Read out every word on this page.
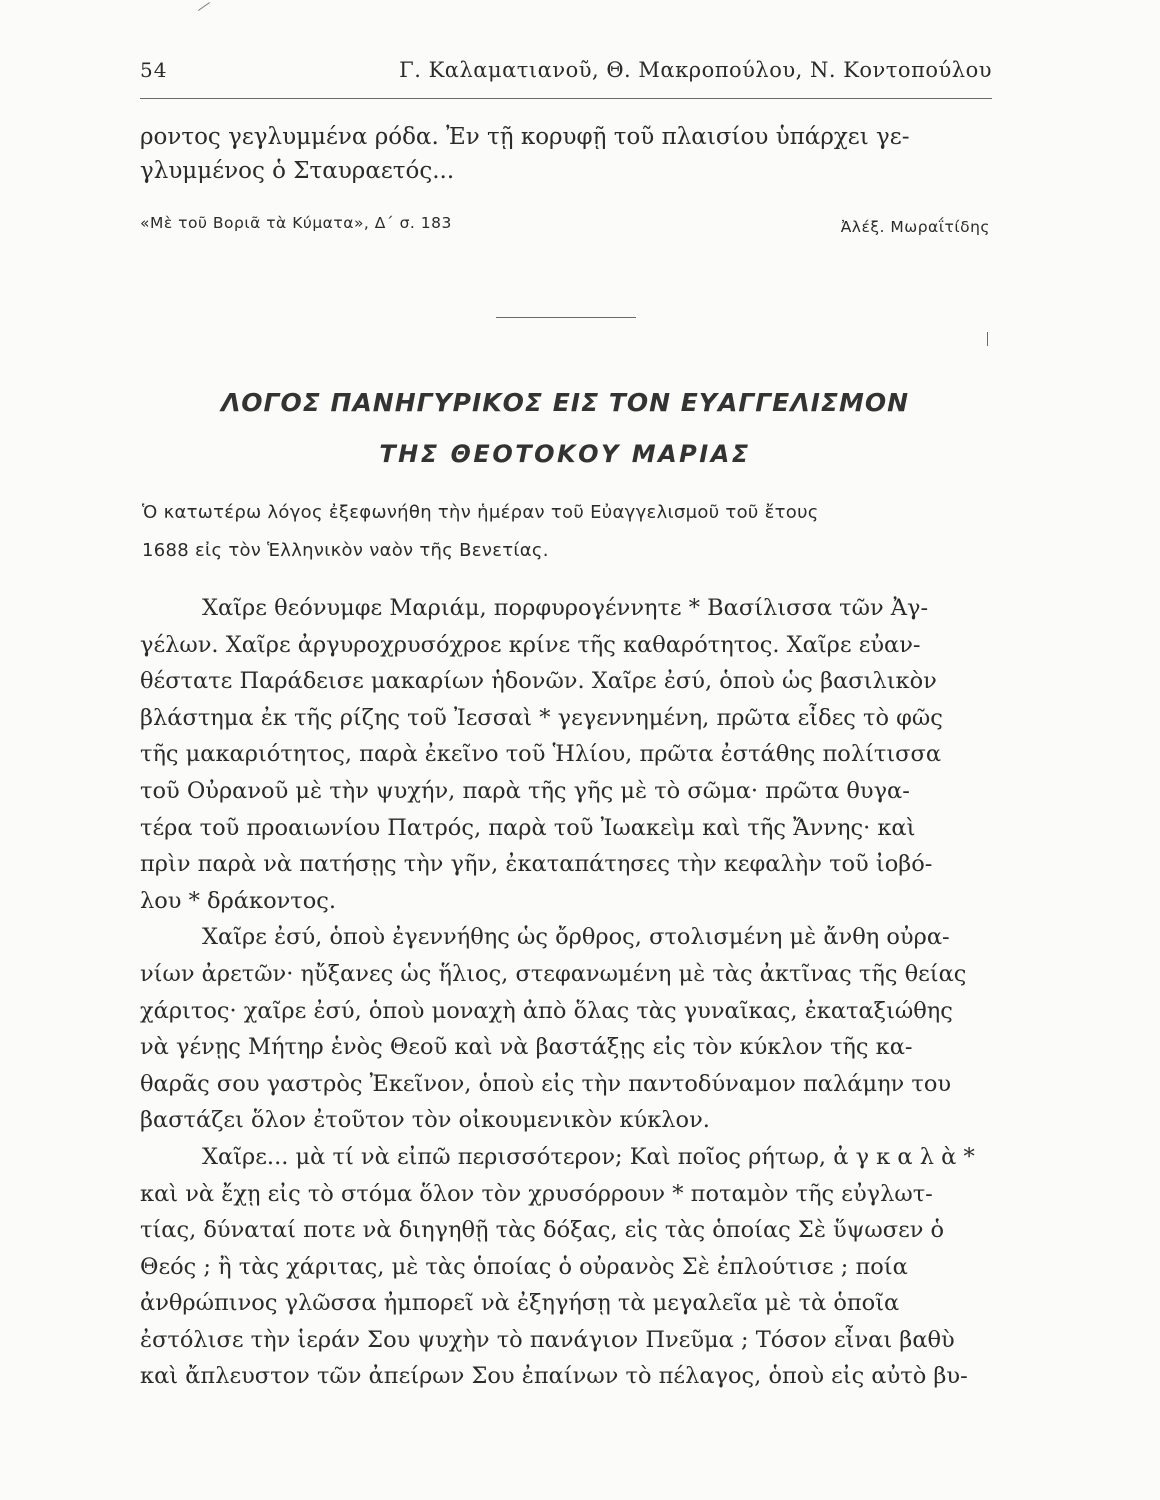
54	Γ. Καλαματιανοῦ, Θ. Μακροπούλου, Ν. Κοντοπούλου
ροντος γεγλυμμένα ρόδα. Ἐν τῇ κορυφῇ τοῦ πλαισίου ὑπάρχει γε-
γλυμμένος ὁ Σταυραετός...
«Μὲ τοῦ Βοριᾶ τὰ Κύματα», Δ΄ σ. 183	Ἀλέξ. Μωραΐτίδης
ΛΟΓΟΣ ΠΑΝΗΓΥΡΙΚΟΣ ΕΙΣ ΤΟΝ ΕΥΑΓΓΕΛΙΣΜΟΝ
ΤΗΣ ΘΕΟΤΟΚΟΥ ΜΑΡΙΑΣ
Ὁ κατωτέρω λόγος ἐξεφωνήθη τὴν ἡμέραν τοῦ Εὐαγγελισμοῦ τοῦ ἔτους
1688 εἰς τὸν Ἑλληνικὸν ναὸν τῆς Βενετίας.
Χαῖρε θεόνυμφε Μαριάμ, πορφυρογέννητε * Βασίλισσα τῶν Ἀγ-
γέλων. Χαῖρε ἀργυροχρυσόχροε κρίνε τῆς καθαρότητος. Χαῖρε εὐαν-
θέστατε Παράδεισε μακαρίων ἡδονῶν. Χαῖρε ἐσύ, ὁποὺ ὡς βασιλικὸν
βλάστημα ἐκ τῆς ρίζης τοῦ Ἰεσσαὶ * γεγεννημένη, πρῶτα εἶδες τὸ φῶς
τῆς μακαριότητος, παρὰ ἐκεῖνο τοῦ Ἡλίου, πρῶτα ἐστάθης πολίτισσα
τοῦ Οὐρανοῦ μὲ τὴν ψυχήν, παρὰ τῆς γῆς μὲ τὸ σῶμα· πρῶτα θυγα-
τέρα τοῦ προαιωνίου Πατρός, παρὰ τοῦ Ἰωακεὶμ καὶ τῆς Ἄννης· καὶ
πρὶν παρὰ νὰ πατήσῃς τὴν γῆν, ἐκαταπάτησες τὴν κεφαλὴν τοῦ ἰοβό-
λου * δράκοντος.
Χαῖρε ἐσύ, ὁποὺ ἐγεννήθης ὡς ὄρθρος, στολισμένη μὲ ἄνθη οὐρα-
νίων ἀρετῶν· ηὔξανες ὡς ἥλιος, στεφανωμένη μὲ τὰς ἀκτῖνας τῆς θείας
χάριτος· χαῖρε ἐσύ, ὁποὺ μοναχὴ ἀπὸ ὅλας τὰς γυναῖκας, ἐκαταξιώθης
νὰ γένῃς Μήτηρ ἑνὸς Θεοῦ καὶ νὰ βαστάξῃς εἰς τὸν κύκλον τῆς κα-
θαρᾶς σου γαστρὸς Ἐκεῖνον, ὁποὺ εἰς τὴν παντοδύναμον παλάμην του
βαστάζει ὅλον ἐτοῦτον τὸν οἰκουμενικὸν κύκλον.
Χαῖρε... μὰ τί νὰ εἰπῶ περισσότερον; Καὶ ποῖος ρήτωρ, ἀ γ κ α λ ὰ *
καὶ νὰ ἔχῃ εἰς τὸ στόμα ὅλον τὸν χρυσόρρουν * ποταμὸν τῆς εὐγλωτ-
τίας, δύναταί ποτε νὰ διηγηθῇ τὰς δόξας, εἰς τὰς ὁποίας Σὲ ὕψωσεν ὁ
Θεός ; ἢ τὰς χάριτας, μὲ τὰς ὁποίας ὁ οὐρανὸς Σὲ ἐπλούτισε ; ποία
ἀνθρώπινος γλῶσσα ἠμπορεῖ νὰ ἐξηγήσῃ τὰ μεγαλεῖα μὲ τὰ ὁποῖα
ἐστόλισε τὴν ἱεράν Σου ψυχὴν τὸ πανάγιον Πνεῦμα ; Τόσον εἶναι βαθὺ
καὶ ἄπλευστον τῶν ἀπείρων Σου ἐπαίνων τὸ πέλαγος, ὁποὺ εἰς αὐτὸ βυ-
